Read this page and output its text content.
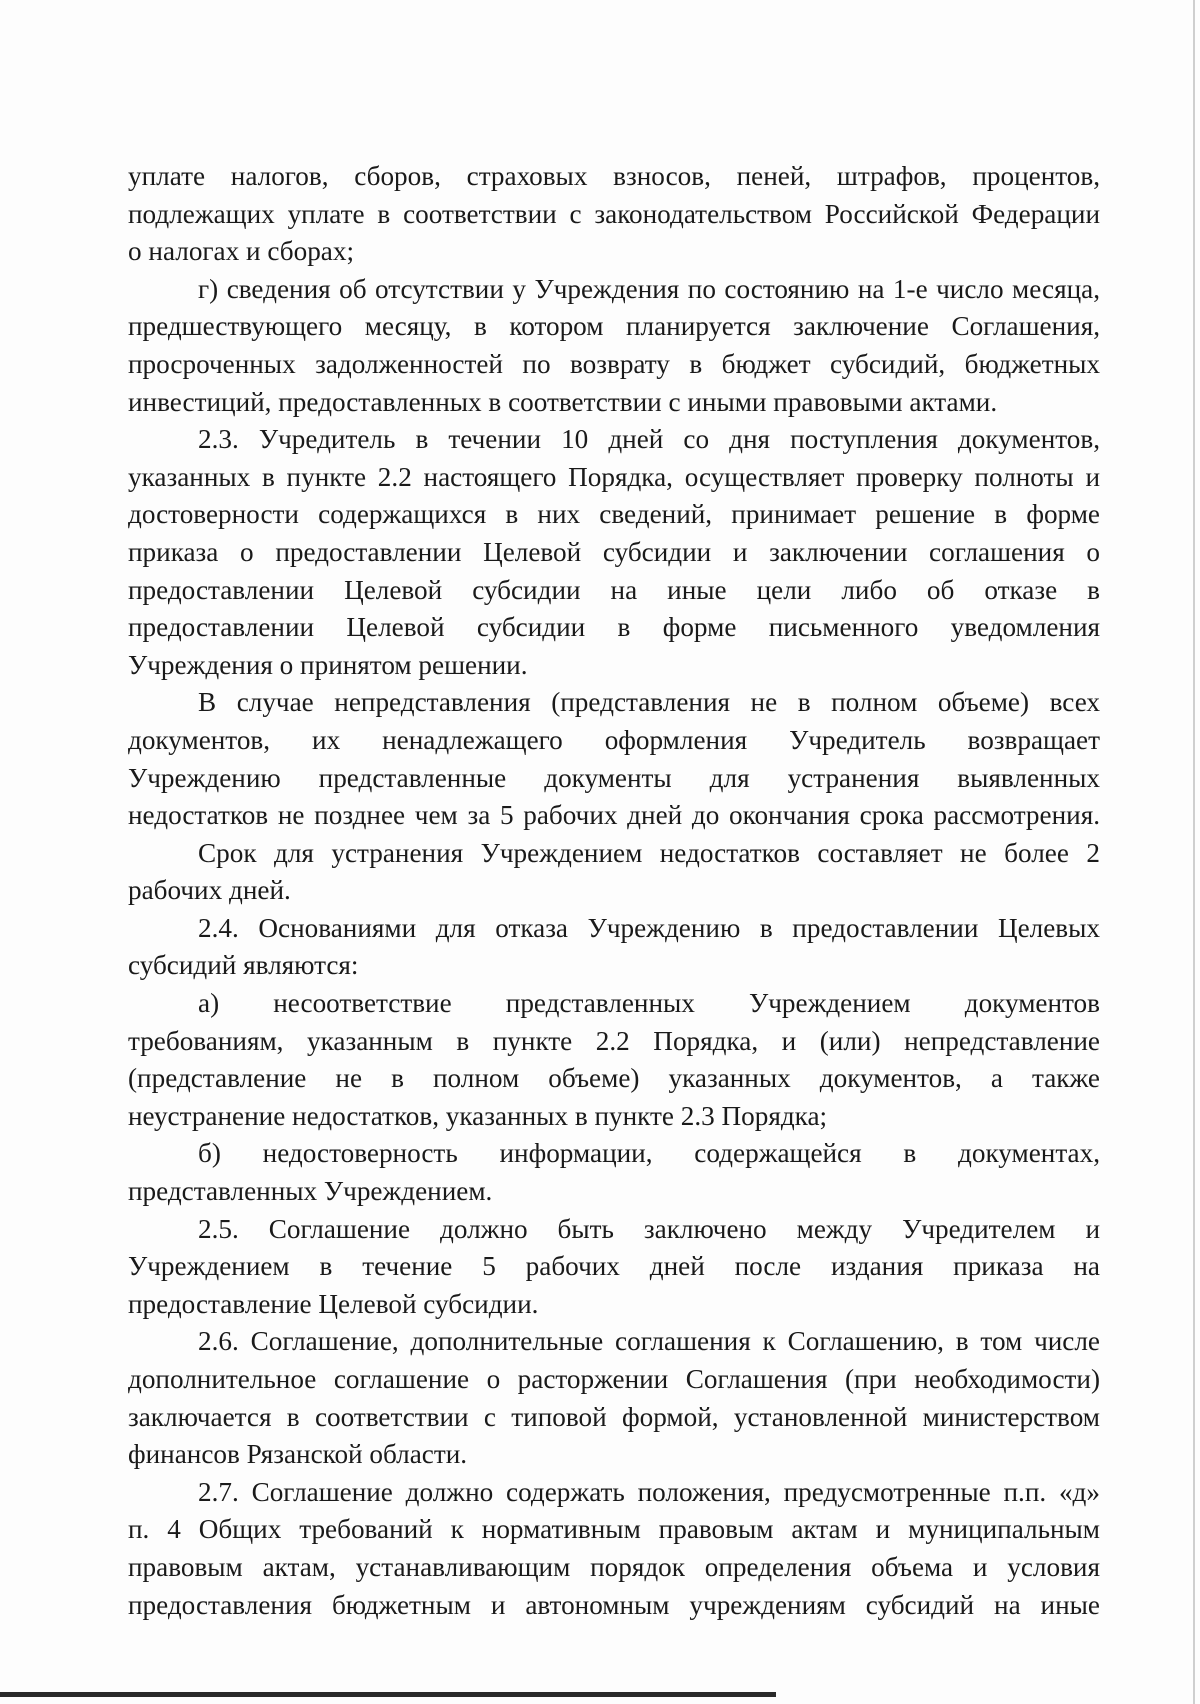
уплате налогов, сборов, страховых взносов, пеней, штрафов, процентов,

подлежащих уплате в соответствии с законодательством Российской Федерации

о налогах и сборах;

г) сведения об отсутствии у Учреждения по состоянию на 1-е число месяца,

предшествующего месяцу, в котором планируется заключение Соглашения,

просроченных задолженностей по возврату в бюджет субсидий, бюджетных

инвестиций, предоставленных в соответствии с иными правовыми актами.

2.3. Учредитель в течении 10 дней со дня поступления документов,

указанных в пункте 2.2 настоящего Порядка, осуществляет проверку полноты и

достоверности содержащихся в них сведений, принимает решение в форме

приказа о предоставлении Целевой субсидии и заключении соглашения о

предоставлении Целевой субсидии на иные цели либо об отказе в

предоставлении Целевой субсидии в форме письменного уведомления

Учреждения о принятом решении.

В случае непредставления (представления не в полном объеме) всех

документов, их ненадлежащего оформления Учредитель возвращает

Учреждению представленные документы для устранения выявленных

недостатков не позднее чем за 5 рабочих дней до окончания срока рассмотрения.

Срок для устранения Учреждением недостатков составляет не более 2

рабочих дней.

2.4. Основаниями для отказа Учреждению в предоставлении Целевых

субсидий являются:

а) несоответствие представленных Учреждением документов

требованиям, указанным в пункте 2.2 Порядка, и (или) непредставление

(представление не в полном объеме) указанных документов, а также

неустранение недостатков, указанных в пункте 2.3 Порядка;

б) недостоверность информации, содержащейся в документах,

представленных Учреждением.

2.5. Соглашение должно быть заключено между Учредителем и

Учреждением в течение 5 рабочих дней после издания приказа на

предоставление Целевой субсидии.

2.6. Соглашение, дополнительные соглашения к Соглашению, в том числе

дополнительное соглашение о расторжении Соглашения (при необходимости)

заключается в соответствии с типовой формой, установленной министерством

финансов Рязанской области.

2.7. Соглашение должно содержать положения, предусмотренные п.п. «д»

п. 4 Общих требований к нормативным правовым актам и муниципальным

правовым актам, устанавливающим порядок определения объема и условия

предоставления бюджетным и автономным учреждениям субсидий на иные
